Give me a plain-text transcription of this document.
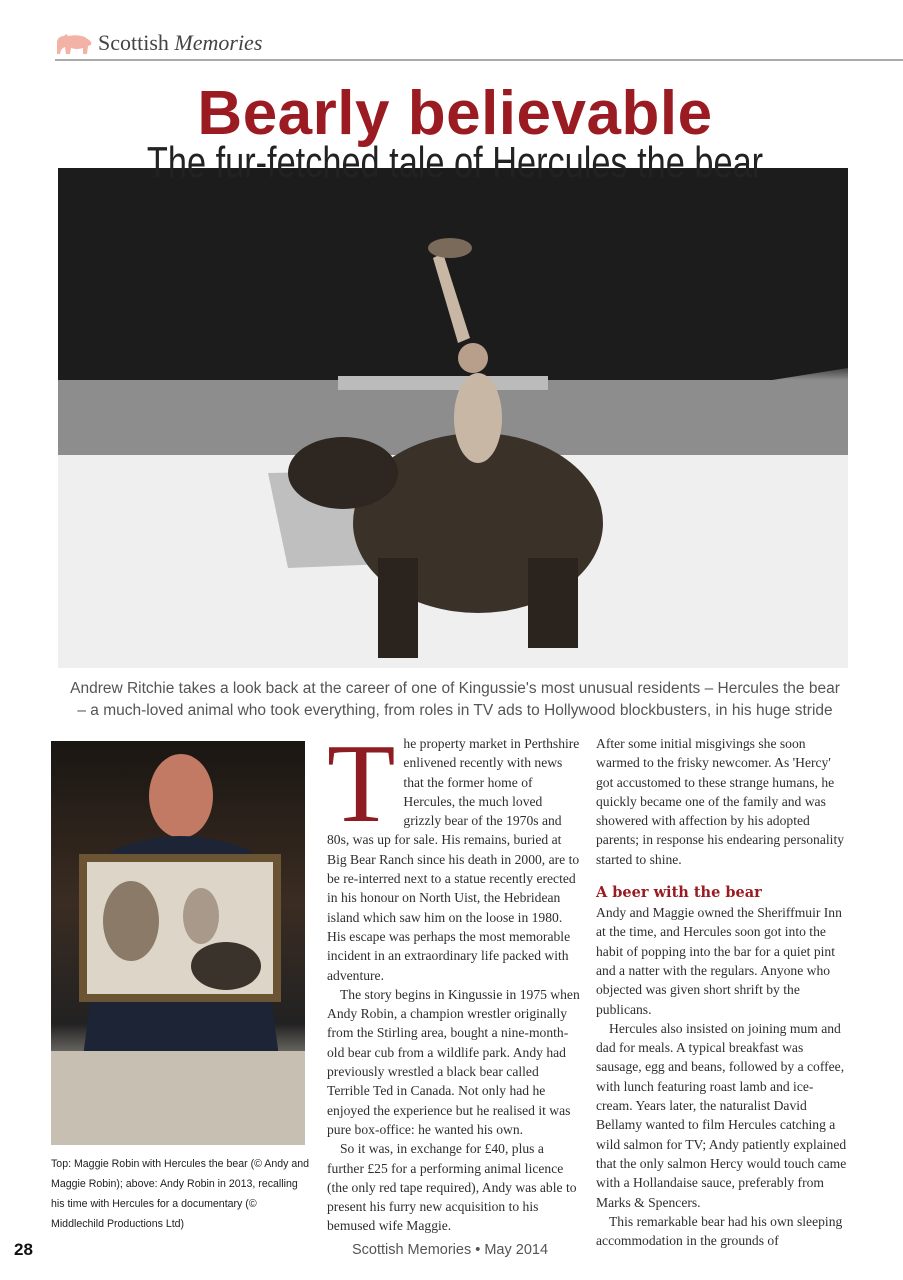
Scottish Memories
Bearly believable
The fur-fetched tale of Hercules the bear
Andrew Ritchie takes a look back at the career of one of Kingussie's most unusual residents – Hercules the bear
– a much-loved animal who took everything, from roles in TV ads to Hollywood blockbusters, in his huge stride
Top: Maggie Robin with Hercules the bear (© Andy and Maggie Robin); above: Andy Robin in 2013, recalling his time with Hercules for a documentary (© Middlechild Productions Ltd)

The property market in Perthshire enlivened recently with news that the former home of Hercules, the much loved grizzly bear of the 1970s and 80s, was up for sale. His remains, buried at Big Bear Ranch since his death in 2000, are to be re-interred next to a statue recently erected in his honour on North Uist, the Hebridean island which saw him on the loose in 1980. His escape was perhaps the most memorable incident in an extraordinary life packed with adventure.

The story begins in Kingussie in 1975 when Andy Robin, a champion wrestler originally from the Stirling area, bought a nine-month-old bear cub from a wildlife park. Andy had previously wrestled a black bear called Terrible Ted in Canada. Not only had he enjoyed the experience but he realised it was pure box-office: he wanted his own.

So it was, in exchange for £40, plus a further £25 for a performing animal licence (the only red tape required), Andy was able to present his furry new acquisition to his bemused wife Maggie.

After some initial misgivings she soon warmed to the frisky newcomer. As 'Hercy' got accustomed to these strange humans, he quickly became one of the family and was showered with affection by his adopted parents; in response his endearing personality started to shine.

A beer with the bear

Andy and Maggie owned the Sheriffmuir Inn at the time, and Hercules soon got into the habit of popping into the bar for a quiet pint and a natter with the regulars. Anyone who objected was given short shrift by the publicans.

Hercules also insisted on joining mum and dad for meals. A typical breakfast was sausage, egg and beans, followed by a coffee, with lunch featuring roast lamb and ice-cream. Years later, the naturalist David Bellamy wanted to film Hercules catching a wild salmon for TV; Andy patiently explained that the only salmon Hercy would touch came with a Hollandaise sauce, preferably from Marks & Spencers.

This remarkable bear had his own sleeping accommodation in the grounds of

28	Scottish Memories • May 2014
